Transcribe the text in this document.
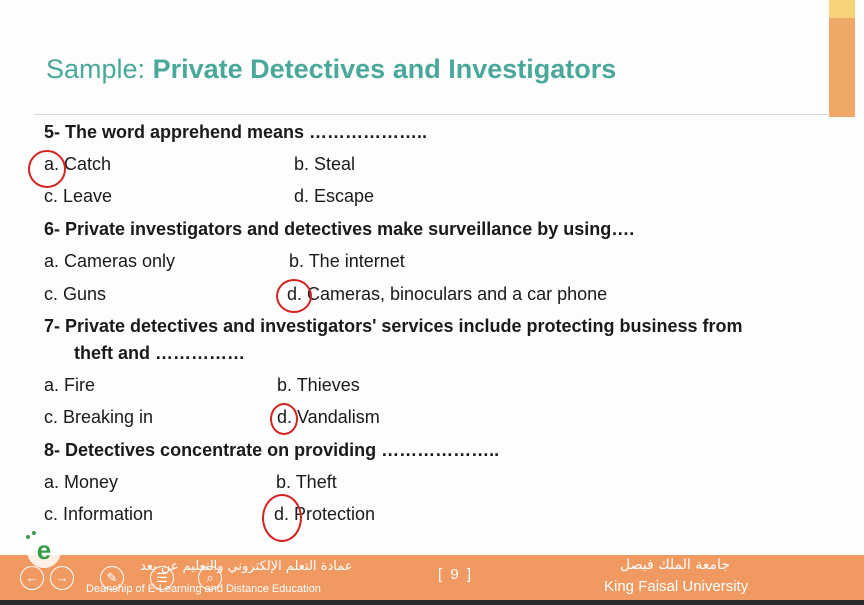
Sample: Private Detectives and Investigators
5- The word apprehend means ………………..
a. Catch	b. Steal
c. Leave	d. Escape
6- Private investigators and detectives make surveillance by using….
a. Cameras only	b. The internet
c. Guns	d. Cameras, binoculars and a car phone
7- Private detectives and investigators' services include protecting business from
theft and ……………
a. Fire	b. Thieves
c. Breaking in	d. Vandalism
8- Detectives concentrate on providing ………………..
a. Money	b. Theft
c. Information	d. Protection
e
←	→	✎	☰	⌕
عمادة التعلم الإلكتروني والتعليم عن بعد
Deanship of E-Learning and Distance Education
[ 9 ]
جامعة الملك فيصل
King Faisal University
